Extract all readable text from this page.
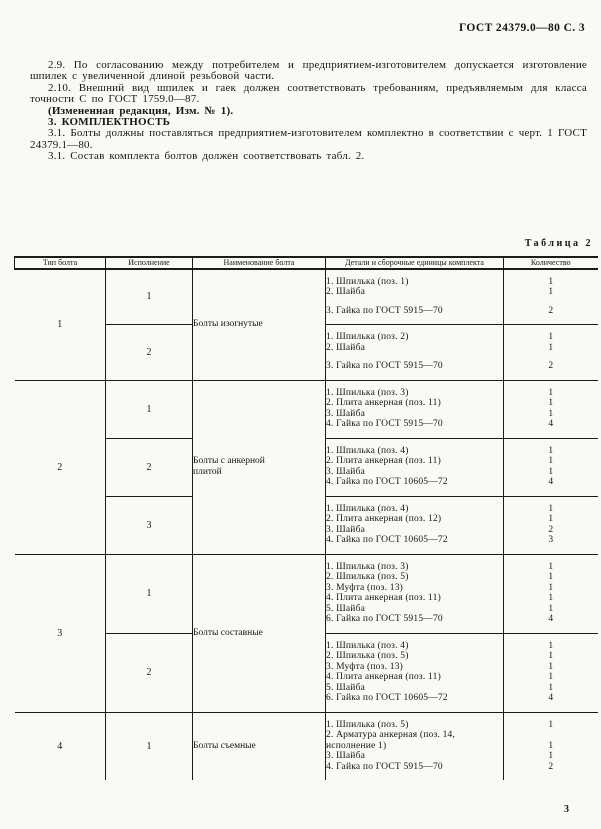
ГОСТ 24379.0—80 С. 3

2.9. По согласованию между потребителем и предприятием-изготовителем допускается изготовление шпилек с увеличенной длиной резьбовой части.

2.10. Внешний вид шпилек и гаек должен соответствовать требованиям, предъявляемым для класса точности С по ГОСТ 1759.0—87.

(Измененная редакция, Изм. № 1).

3. КОМПЛЕКТНОСТЬ

3.1. Болты должны поставляться предприятием-изготовителем комплектно в соответствии с черт. 1 ГОСТ 24379.1—80.

3.1. Состав комплекта болтов должен соответствовать табл. 2.

Таблица 2
Тип болта	Исполнение	Наименование болта	Детали и сборочные единицы комплекта	Количество
1	1	Болты изогнутые	1. Шпилька (поз. 1)	1
			2. Шайба	1
			3. Гайка по ГОСТ 5915—70	2
	2		1. Шпилька (поз. 2)	1
			2. Шайба	1
			3. Гайка по ГОСТ 5915—70	2
2	1	Болты с анкерной плитой	1. Шпилька (поз. 3)	1
			2. Плита анкерная (поз. 11)	1
			3. Шайба	1
			4. Гайка по ГОСТ 5915—70	4
	2		1. Шпилька (поз. 4)	1
			2. Плита анкерная (поз. 11)	1
			3. Шайба	1
			4. Гайка по ГОСТ 10605—72	4
	3		1. Шпилька (поз. 4)	1
			2. Плита анкерная (поз. 12)	1
			3. Шайба	2
			4. Гайка по ГОСТ 10605—72	3
3	1	Болты составные	1. Шпилька (поз. 3)	1
			2. Шпилька (поз. 5)	1
			3. Муфта (поз. 13)	1
			4. Плита анкерная (поз. 11)	1
			5. Шайба	1
			6. Гайка по ГОСТ 5915—70	4
	2		1. Шпилька (поз. 4)	1
			2. Шпилька (поз. 5)	1
			3. Муфта (поз. 13)	1
			4. Плита анкерная (поз. 11)	1
			5. Шайба	1
			6. Гайка по ГОСТ 10605—72	4
4	1	Болты съемные	1. Шпилька (поз. 5)	1
			2. Арматура анкерная (поз. 14, исполнение 1)	1
			3. Шайба	1
			4. Гайка по ГОСТ 5915—70	2
3
